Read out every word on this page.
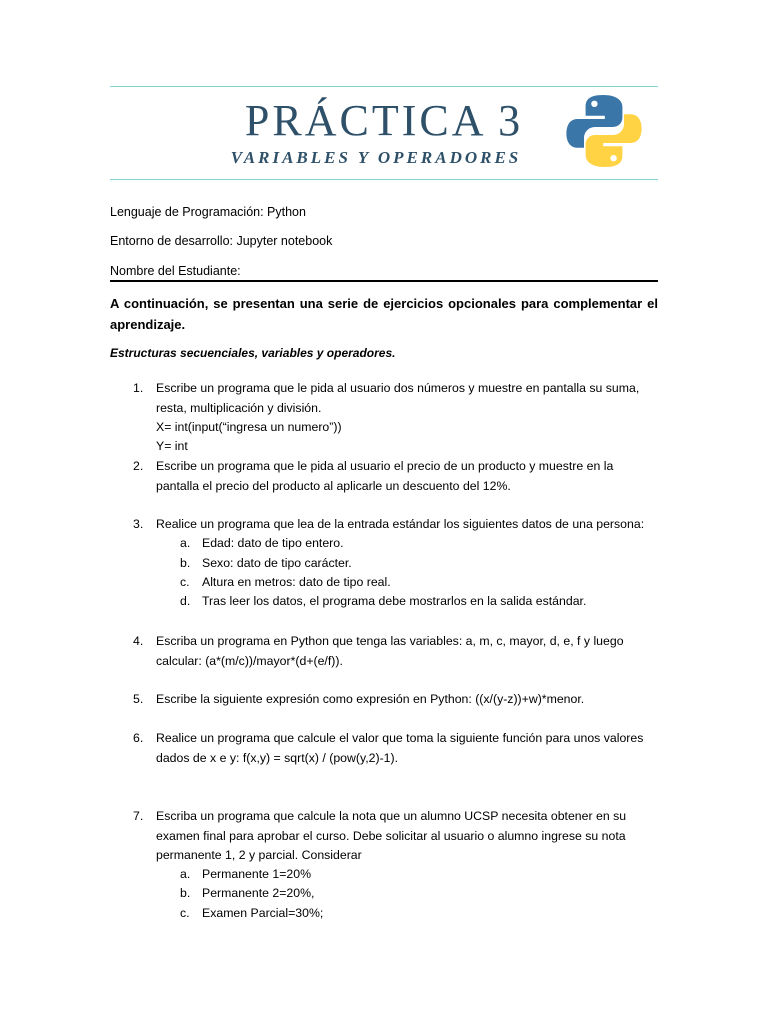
PRÁCTICA 3
VARIABLES Y OPERADORES
Lenguaje de Programación: Python
Entorno de desarrollo: Jupyter notebook
Nombre del Estudiante:
A continuación, se presentan una serie de ejercicios opcionales para complementar el aprendizaje.
Estructuras secuenciales, variables y operadores.
1. Escribe un programa que le pida al usuario dos números y muestre en pantalla su suma,
resta, multiplicación y división.
X= int(input(“ingresa un numero”))
Y= int
2. Escribe un programa que le pida al usuario el precio de un producto y muestre en la
pantalla el precio del producto al aplicarle un descuento del 12%.
3. Realice un programa que lea de la entrada estándar los siguientes datos de una persona:
a. Edad: dato de tipo entero.
b. Sexo: dato de tipo carácter.
c. Altura en metros: dato de tipo real.
d. Tras leer los datos, el programa debe mostrarlos en la salida estándar.
4. Escriba un programa en Python que tenga las variables: a, m, c, mayor, d, e, f y luego
calcular: (a*(m/c))/mayor*(d+(e/f)).
5. Escribe la siguiente expresión como expresión en Python: ((x/(y-z))+w)*menor.
6. Realice un programa que calcule el valor que toma la siguiente función para unos valores
dados de x e y: f(x,y) = sqrt(x) / (pow(y,2)-1).
7. Escriba un programa que calcule la nota que un alumno UCSP necesita obtener en su
examen final para aprobar el curso. Debe solicitar al usuario o alumno ingrese su nota
permanente 1, 2 y parcial. Considerar
a. Permanente 1=20%
b. Permanente 2=20%,
c. Examen Parcial=30%;
